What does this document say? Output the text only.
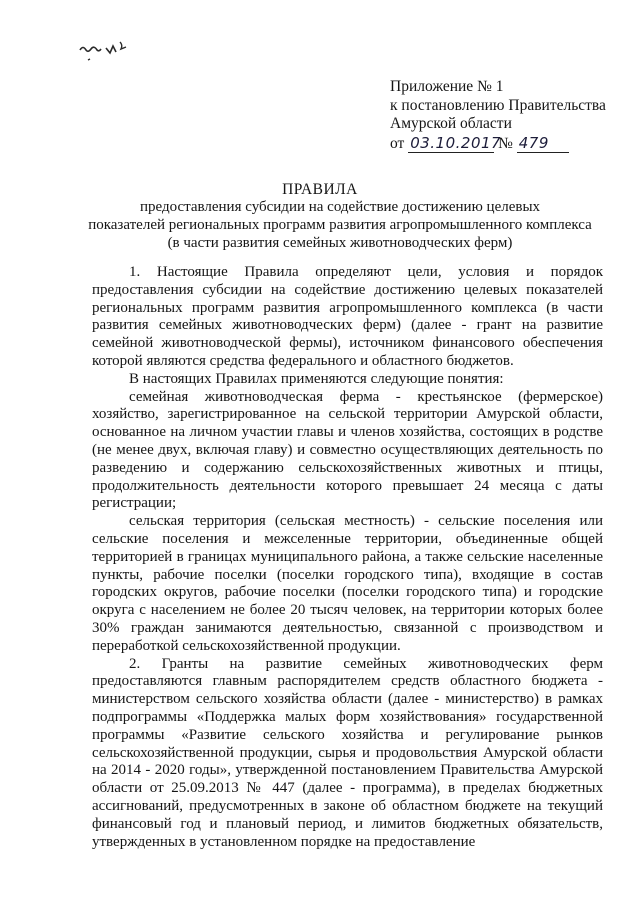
Приложение № 1
к постановлению Правительства
Амурской области
от 03.10.2017 № 479
ПРАВИЛА
предоставления субсидии на содействие достижению целевых
показателей региональных программ развития агропромышленного комплекса
(в части развития семейных животноводческих ферм)

1. Настоящие Правила определяют цели, условия и порядок предоставления субсидии на содействие достижению целевых показателей региональных программ развития агропромышленного комплекса (в части развития семейных животноводческих ферм) (далее - грант на развитие семейной животноводческой фермы), источником финансового обеспечения которой являются средства федерального и областного бюджетов.

В настоящих Правилах применяются следующие понятия:

семейная животноводческая ферма - крестьянское (фермерское) хозяйство, зарегистрированное на сельской территории Амурской области, основанное на личном участии главы и членов хозяйства, состоящих в родстве (не менее двух, включая главу) и совместно осуществляющих деятельность по разведению и содержанию сельскохозяйственных животных и птицы, продолжительность деятельности которого превышает 24 месяца с даты регистрации;

сельская территория (сельская местность) - сельские поселения или сельские поселения и межселенные территории, объединенные общей территорией в границах муниципального района, а также сельские населенные пункты, рабочие поселки (поселки городского типа), входящие в состав городских округов, рабочие поселки (поселки городского типа) и городские округа с населением не более 20 тысяч человек, на территории которых более 30% граждан занимаются деятельностью, связанной с производством и переработкой сельскохозяйственной продукции.

2. Гранты на развитие семейных животноводческих ферм предоставляются главным распорядителем средств областного бюджета - министерством сельского хозяйства области (далее - министерство) в рамках подпрограммы «Поддержка малых форм хозяйствования» государственной программы «Развитие сельского хозяйства и регулирование рынков сельскохозяйственной продукции, сырья и продовольствия Амурской области на 2014 - 2020 годы», утвержденной постановлением Правительства Амурской области от 25.09.2013 № 447 (далее - программа), в пределах бюджетных ассигнований, предусмотренных в законе об областном бюджете на текущий финансовый год и плановый период, и лимитов бюджетных обязательств, утвержденных в установленном порядке на предоставление
